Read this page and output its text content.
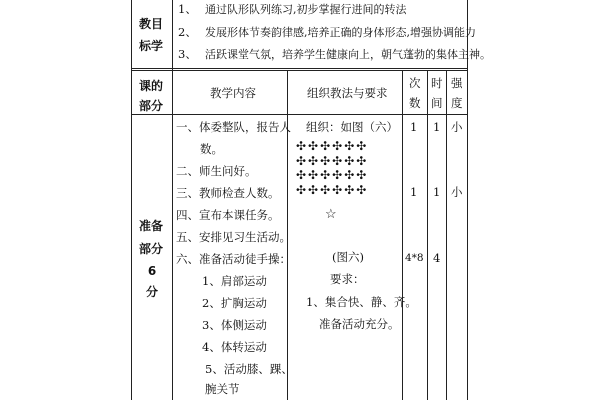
教目
标学
1、 通过队形队列练习,初步掌握行进间的转法
2、 发展形体节奏韵律感,培养正确的身体形态,增强协调能力
3、 活跃课堂气氛，培养学生健康向上，朝气蓬勃的集体主神。
课的
部分
教学内容	组织教法与要求
次
数
时
间
强
度
准备
部分
6
分
一、体委整队，报告人
数。
二、师生问好。
三、教师检查人数。
四、宣布本课任务。
五、安排见习生活动。
六、准备活动徒手操：
1、肩部运动
2、扩胸运动
3、体侧运动
4、体转运动
5、活动膝、踝、
腕关节
组织：如图（六）
✣✣✣✣✣✣
✣✣✣✣✣✣
✣✣✣✣✣✣
✣✣✣✣✣✣
☆
(图六)
要求：
1、集合快、静、齐。
准备活动充分。
1
1
4*8
1
1
4
小
小
